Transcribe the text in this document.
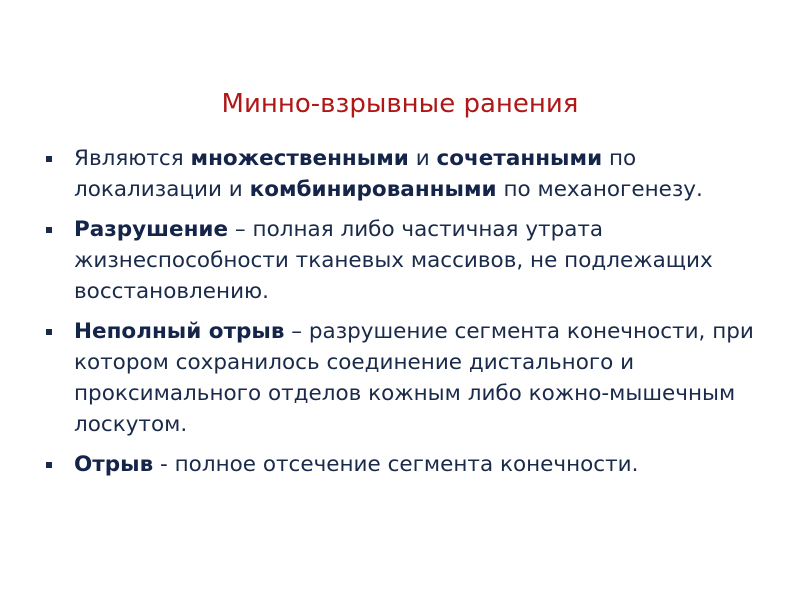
Минно-взрывные ранения
Являются множественными и сочетанными по локализации и комбинированными по механогенезу.
Разрушение – полная либо частичная утрата жизнеспособности тканевых массивов, не подлежащих восстановлению.
Неполный отрыв – разрушение сегмента конечности, при котором сохранилось соединение дистального и проксимального отделов кожным либо кожно-мышечным лоскутом.
Отрыв - полное отсечение сегмента конечности.
